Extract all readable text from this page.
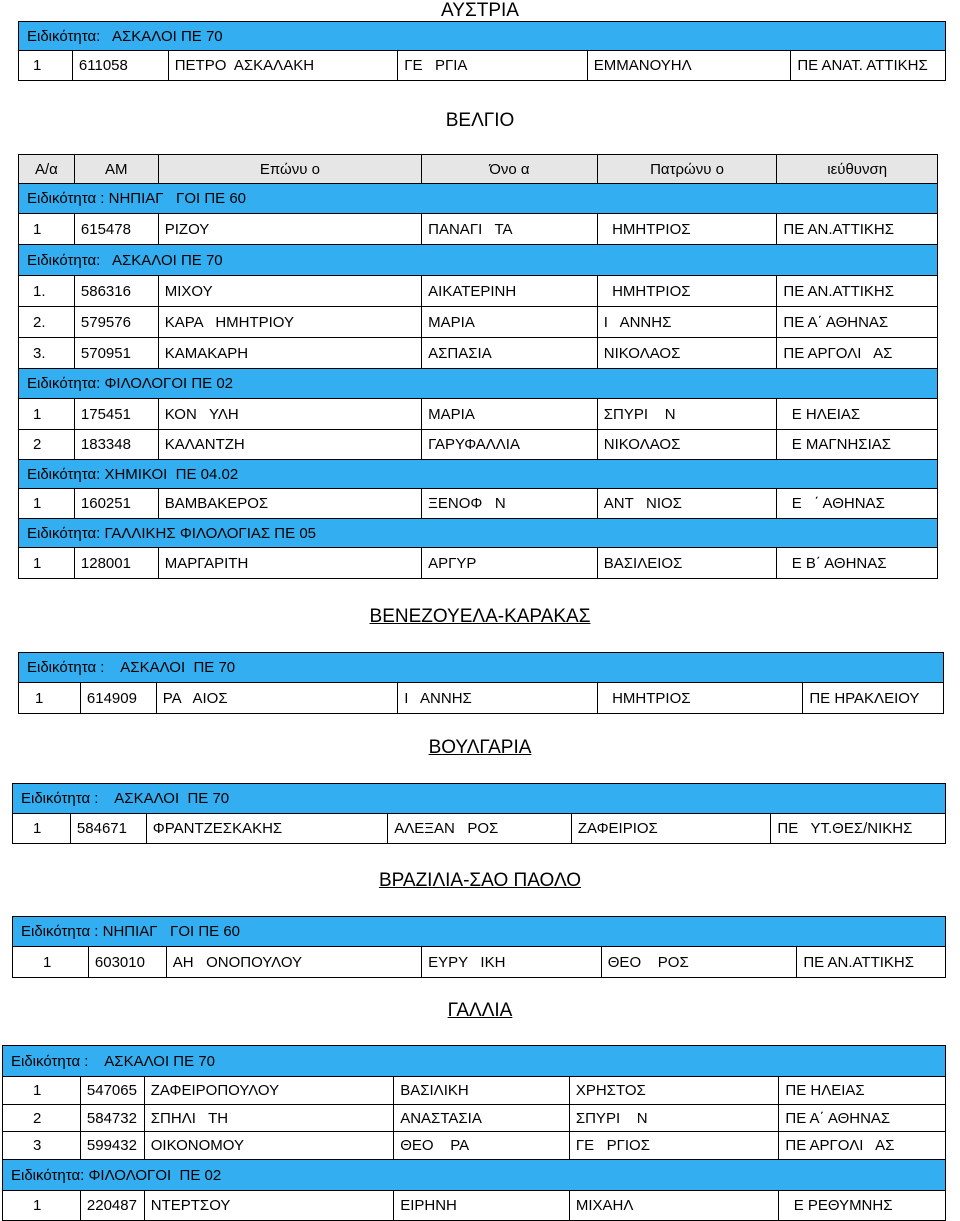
ΑΥΣΤΡΙΑ
Ειδικότητα:   ΑΣΚΑΛΟΙ ΠΕ 70
1	611058	ΠΕΤΡΟ  ΑΣΚΑΛΑΚΗ	ΓΕ   ΡΓΙΑ	ΕΜΜΑΝΟΥΗΛ	ΠΕ ΑΝΑΤ. ΑΤΤΙΚΗΣ
ΒΕΛΓΙΟ
Α/α	ΑΜ	Επώνυ ο	Όνο α	Πατρώνυ ο	ιεύθυνση
Ειδικότητα : ΝΗΠΙΑΓ   ΓΟΙ ΠΕ 60
1	615478	ΡΙΖΟΥ	ΠΑΝΑΓΙ   ΤΑ	ΗΜΗΤΡΙΟΣ	ΠΕ ΑΝ.ΑΤΤΙΚΗΣ
Ειδικότητα:   ΑΣΚΑΛΟΙ ΠΕ 70
1.	586316	ΜΙΧΟΥ	ΑΙΚΑΤΕΡΙΝΗ	ΗΜΗΤΡΙΟΣ	ΠΕ ΑΝ.ΑΤΤΙΚΗΣ
2.	579576	ΚΑΡΑ   ΗΜΗΤΡΙΟΥ	ΜΑΡΙΑ	Ι   ΑΝΝΗΣ	ΠΕ Α΄ ΑΘΗΝΑΣ
3.	570951	ΚΑΜΑΚΑΡΗ	ΑΣΠΑΣΙΑ	ΝΙΚΟΛΑΟΣ	ΠΕ ΑΡΓΟΛΙ   ΑΣ
Ειδικότητα: ΦΙΛΟΛΟΓΟΙ ΠΕ 02
1	175451	ΚΟΝ   ΥΛΗ	ΜΑΡΙΑ	ΣΠΥΡΙ    Ν	Ε ΗΛΕΙΑΣ
2	183348	ΚΑΛΑΝΤΖΗ	ΓΑΡΥΦΑΛΛΙΑ	ΝΙΚΟΛΑΟΣ	Ε ΜΑΓΝΗΣΙΑΣ
Ειδικότητα: ΧΗΜΙΚΟΙ  ΠΕ 04.02
1	160251	ΒΑΜΒΑΚΕΡΟΣ	ΞΕΝΟΦ   Ν	ΑΝΤ   ΝΙΟΣ	Ε   ΄ ΑΘΗΝΑΣ
Ειδικότητα: ΓΑΛΛΙΚΗΣ ΦΙΛΟΛΟΓΙΑΣ ΠΕ 05
1	128001	ΜΑΡΓΑΡΙΤΗ	ΑΡΓΥΡ	ΒΑΣΙΛΕΙΟΣ	Ε Β΄ ΑΘΗΝΑΣ
ΒΕΝΕΖΟΥΕΛΑ-ΚΑΡΑΚΑΣ
Ειδικότητα :    ΑΣΚΑΛΟΙ  ΠΕ 70
1	614909	ΡΑ   ΑΙΟΣ	Ι   ΑΝΝΗΣ	ΗΜΗΤΡΙΟΣ	ΠΕ ΗΡΑΚΛΕΙΟΥ
ΒΟΥΛΓΑΡΙΑ
Ειδικότητα :    ΑΣΚΑΛΟΙ  ΠΕ 70
1	584671	ΦΡΑΝΤΖΕΣΚΑΚΗΣ	ΑΛΕΞΑΝ   ΡΟΣ	ΖΑΦΕΙΡΙΟΣ	ΠΕ   ΥΤ.ΘΕΣ/ΝΙΚΗΣ
ΒΡΑΖΙΛΙΑ-ΣΑΟ ΠΑΟΛΟ
Ειδικότητα : ΝΗΠΙΑΓ   ΓΟΙ ΠΕ 60
1	603010	ΑΗ   ΟΝΟΠΟΥΛΟΥ	ΕΥΡΥ   ΙΚΗ	ΘΕΟ    ΡΟΣ	ΠΕ ΑΝ.ΑΤΤΙΚΗΣ
ΓΑΛΛΙΑ
Ειδικότητα :    ΑΣΚΑΛΟΙ ΠΕ 70
1	547065 ΖΑΦΕΙΡΟΠΟΥΛΟΥ	ΒΑΣΙΛΙΚΗ	ΧΡΗΣΤΟΣ	ΠΕ ΗΛΕΙΑΣ
2	584732 ΣΠΗΛΙ   ΤΗ	ΑΝΑΣΤΑΣΙΑ	ΣΠΥΡΙ    Ν	ΠΕ Α΄ ΑΘΗΝΑΣ
3	599432 ΟΙΚΟΝΟΜΟΥ	ΘΕΟ    ΡΑ	ΓΕ   ΡΓΙΟΣ	ΠΕ ΑΡΓΟΛΙ   ΑΣ
Ειδικότητα: ΦΙΛΟΛΟΓΟΙ  ΠΕ 02
1	220487 ΝΤΕΡΤΣΟΥ	ΕΙΡΗΝΗ	ΜΙΧΑΗΛ	Ε ΡΕΘΥΜΝΗΣ
